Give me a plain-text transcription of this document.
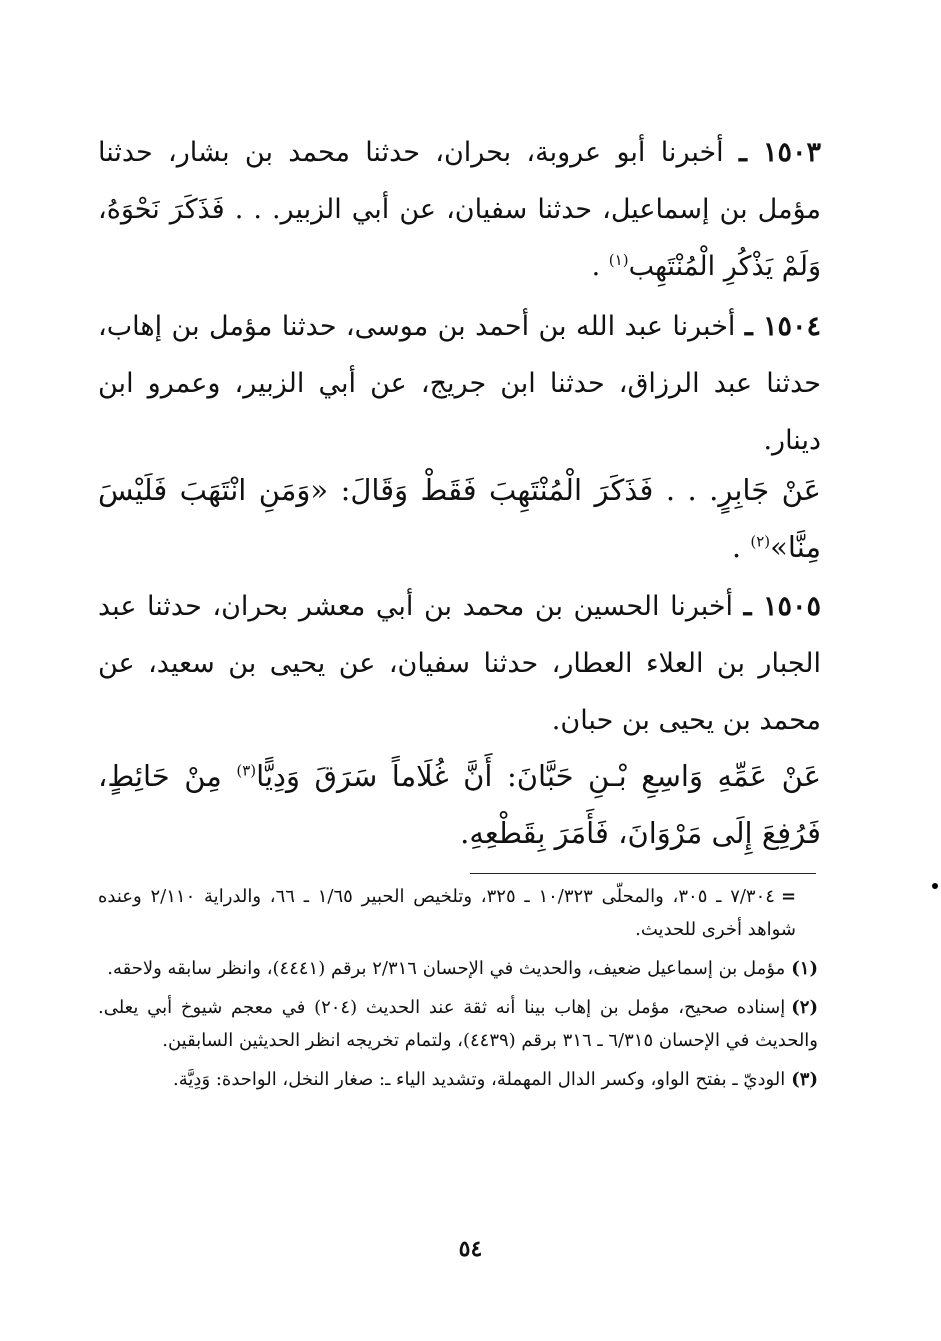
١٥٠٣ ـ أخبرنا أبو عروبة، بحران، حدثنا محمد بن بشار، حدثنا مؤمل بن إسماعيل، حدثنا سفيان، عن أبي الزبير. . . فَذَكَرَ نَحْوَهُ، وَلَمْ يَذْكُرِ الْمُنْتَهِب$^{(١)}$ .

١٥٠٤ ـ أخبرنا عبد الله بن أحمد بن موسى، حدثنا مؤمل بن إهاب، حدثنا عبد الرزاق، حدثنا ابن جريج، عن أبي الزبير، وعمرو ابن دينار.

عَنْ جَابِرٍ. . . فَذَكَرَ الْمُنْتَهِبَ فَقَطْ وَقَالَ: «وَمَنِ انْتَهَبَ فَلَيْسَ مِنَّا»$^{(٢)}$ .

١٥٠٥ ـ أخبرنا الحسين بن محمد بن أبي معشر بحران، حدثنا عبد الجبار بن العلاء العطار، حدثنا سفيان، عن يحيى بن سعيد، عن محمد بن يحيى بن حبان.

عَنْ عَمِّهِ وَاسِعِ بْـنِ حَبَّانَ: أَنَّ غُلَاماً سَرَقَ وَدِيًّا$^{(٣)}$ مِنْ حَائِطٍ، فَرُفِعَ إِلَى مَرْوَانَ، فَأَمَرَ بِقَطْعِهِ.

=٧/٣٠٤ ـ ٣٠٥، والمحلّى ١٠/٣٢٣ ـ ٣٢٥، وتلخيص الحبير ١/٦٥ ـ ٦٦، والدراية ٢/١١٠ وعنده شواهد أخرى للحديث.

(١)مؤمل بن إسماعيل ضعيف، والحديث في الإحسان ٢/٣١٦ برقم (٤٤٤١)، وانظر سابقه ولاحقه.

(٢)إسناده صحيح، مؤمل بن إهاب بينا أنه ثقة عند الحديث (٢٠٤) في معجم شيوخ أبي يعلى. والحديث في الإحسان ٦/٣١٥ ـ ٣١٦ برقم (٤٤٣٩)، ولتمام تخريجه انظر الحديثين السابقين.

(٣)الوديّ ـ بفتح الواو، وكسر الدال المهملة، وتشديد الياء ـ: صغار النخل، الواحدة: وَدِيَّة.

٥٤
